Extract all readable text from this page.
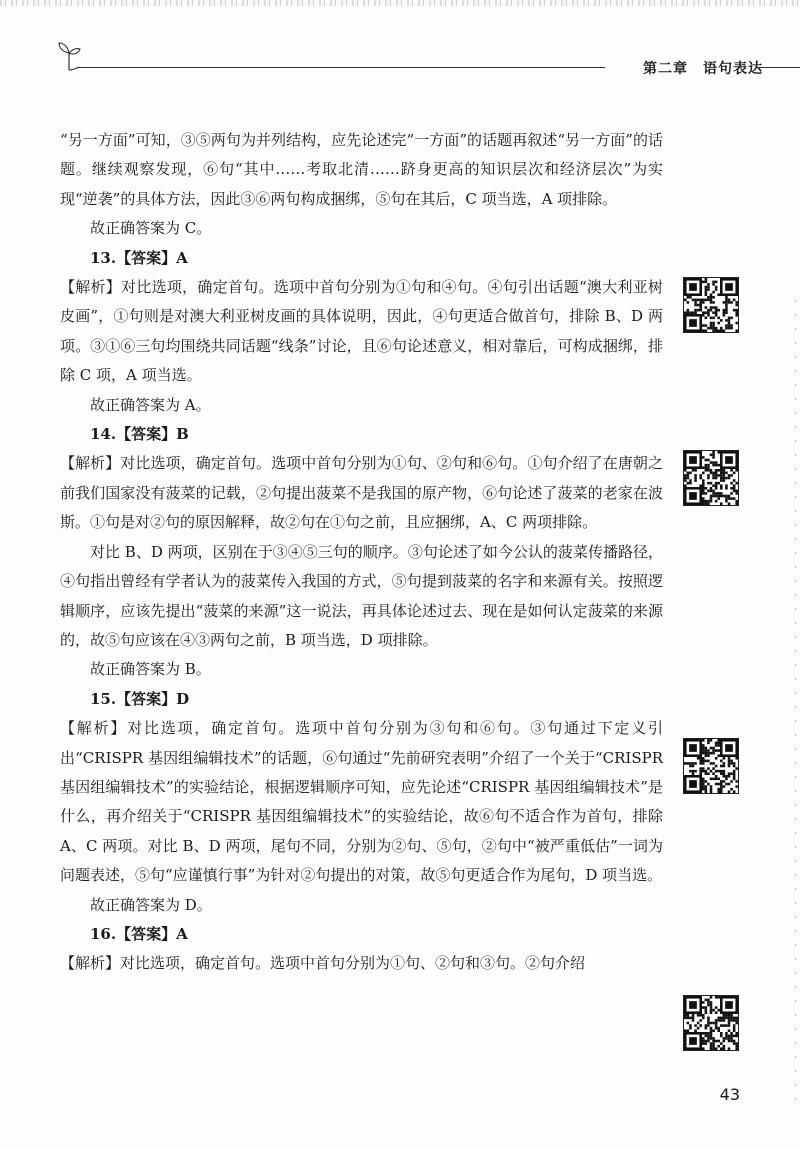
第二章　语句表达

“另一方面”可知，③⑤两句为并列结构，应先论述完“一方面”的话题再叙述“另一方面”的话题。继续观察发现，⑥句“其中……考取北清……跻身更高的知识层次和经济层次”为实现“逆袭”的具体方法，因此③⑥两句构成捆绑，⑤句在其后，C 项当选，A 项排除。

故正确答案为 C。

13.【答案】A

【解析】对比选项，确定首句。选项中首句分别为①句和④句。④句引出话题“澳大利亚树皮画”，①句则是对澳大利亚树皮画的具体说明，因此，④句更适合做首句，排除 B、D 两项。③①⑥三句均围绕共同话题“线条”讨论，且⑥句论述意义，相对靠后，可构成捆绑，排除 C 项，A 项当选。

故正确答案为 A。

14.【答案】B

【解析】对比选项，确定首句。选项中首句分别为①句、②句和⑥句。①句介绍了在唐朝之前我们国家没有菠菜的记载，②句提出菠菜不是我国的原产物，⑥句论述了菠菜的老家在波斯。①句是对②句的原因解释，故②句在①句之前，且应捆绑，A、C 两项排除。

对比 B、D 两项，区别在于③④⑤三句的顺序。③句论述了如今公认的菠菜传播路径，④句指出曾经有学者认为的菠菜传入我国的方式，⑤句提到菠菜的名字和来源有关。按照逻辑顺序，应该先提出“菠菜的来源”这一说法，再具体论述过去、现在是如何认定菠菜的来源的，故⑤句应该在④③两句之前，B 项当选，D 项排除。

故正确答案为 B。

15.【答案】D

【解析】对比选项，确定首句。选项中首句分别为③句和⑥句。③句通过下定义引出“CRISPR 基因组编辑技术”的话题，⑥句通过“先前研究表明”介绍了一个关于“CRISPR 基因组编辑技术”的实验结论，根据逻辑顺序可知，应先论述“CRISPR 基因组编辑技术”是什么，再介绍关于“CRISPR 基因组编辑技术”的实验结论，故⑥句不适合作为首句，排除 A、C 两项。对比 B、D 两项，尾句不同，分别为②句、⑤句，②句中“被严重低估”一词为问题表述，⑤句“应谨慎行事”为针对②句提出的对策，故⑤句更适合作为尾句，D 项当选。

故正确答案为 D。

16.【答案】A

【解析】对比选项，确定首句。选项中首句分别为①句、②句和③句。②句介绍

43
